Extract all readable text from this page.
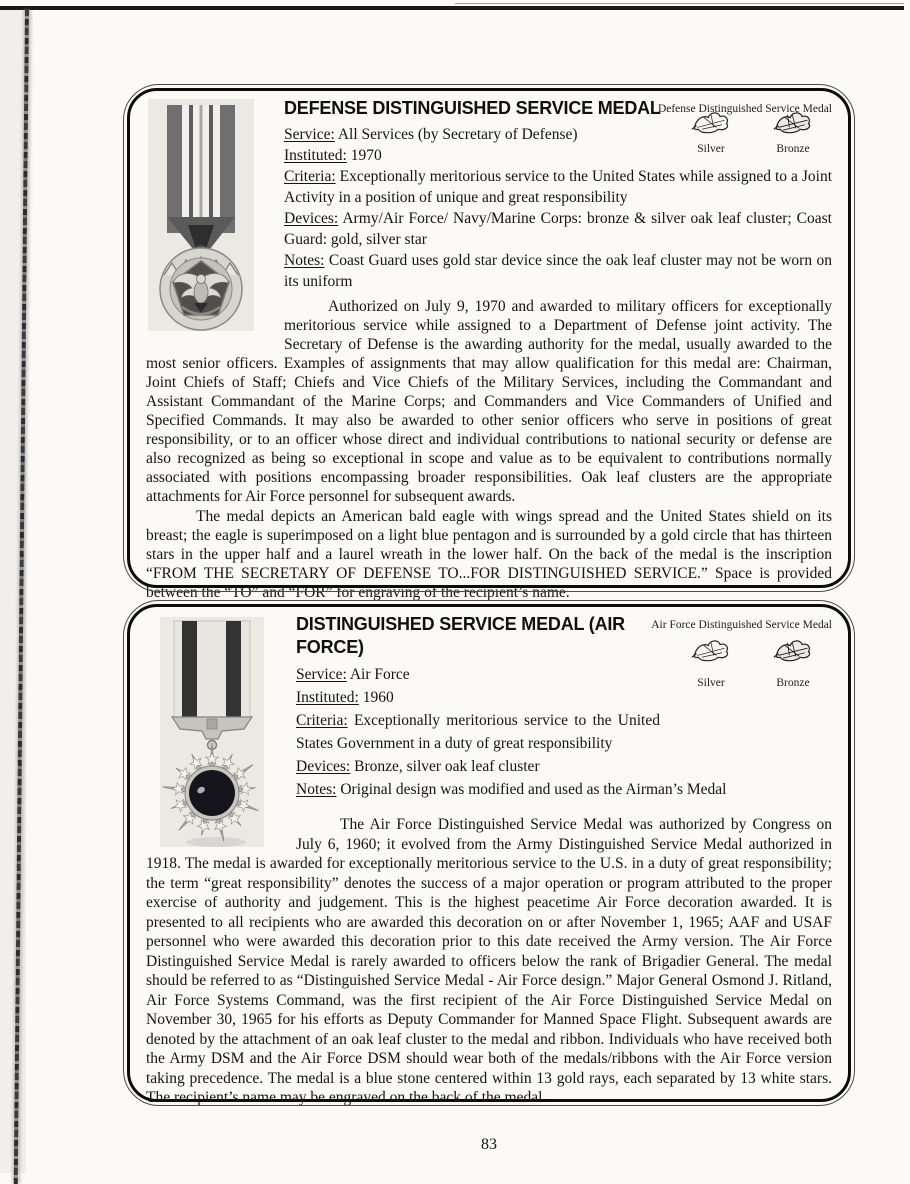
Defense Distinguished Service Medal
Silver	Bronze
DEFENSE DISTINGUISHED SERVICE MEDAL

Service: All Services (by Secretary of Defense)

Instituted: 1970

Criteria: Exceptionally meritorious service to the United States while assigned to a Joint Activity in a position of unique and great responsibility

Devices: Army/Air Force/ Navy/Marine Corps: bronze & silver oak leaf cluster; Coast Guard: gold, silver star

Notes: Coast Guard uses gold star device since the oak leaf cluster may not be worn on its uniform

Authorized on July 9, 1970 and awarded to military officers for exceptionally meritorious service while assigned to a Department of Defense joint activity. The Secretary of Defense is the awarding authority for the medal, usually awarded to the most senior officers. Examples of assignments that may allow qualification for this medal are: Chairman, Joint Chiefs of Staff; Chiefs and Vice Chiefs of the Military Services, including the Commandant and Assistant Commandant of the Marine Corps; and Commanders and Vice Commanders of Unified and Specified Commands. It may also be awarded to other senior officers who serve in positions of great responsibility, or to an officer whose direct and individual contributions to national security or defense are also recognized as being so exceptional in scope and value as to be equivalent to contributions normally associated with positions encompassing broader responsibilities. Oak leaf clusters are the appropriate attachments for Air Force personnel for subsequent awards.

The medal depicts an American bald eagle with wings spread and the United States shield on its breast; the eagle is superimposed on a light blue pentagon and is surrounded by a gold circle that has thirteen stars in the upper half and a laurel wreath in the lower half. On the back of the medal is the inscription “FROM THE SECRETARY OF DEFENSE TO...FOR DISTINGUISHED SERVICE.” Space is provided between the “TO” and “FOR” for engraving of the recipient’s name.

Air Force Distinguished Service Medal
Silver	Bronze
DISTINGUISHED SERVICE MEDAL (AIR FORCE)

Service: Air Force

Instituted: 1960

Criteria: Exceptionally meritorious service to the United States Government in a duty of great responsibility

Devices: Bronze, silver oak leaf cluster

Notes: Original design was modified and used as the Airman’s Medal

The Air Force Distinguished Service Medal was authorized by Congress on July 6, 1960; it evolved from the Army Distinguished Service Medal authorized in 1918. The medal is awarded for exceptionally meritorious service to the U.S. in a duty of great responsibility; the term “great responsibility” denotes the success of a major operation or program attributed to the proper exercise of authority and judgement. This is the highest peacetime Air Force decoration awarded. It is presented to all recipients who are awarded this decoration on or after November 1, 1965; AAF and USAF personnel who were awarded this decoration prior to this date received the Army version. The Air Force Distinguished Service Medal is rarely awarded to officers below the rank of Brigadier General. The medal should be referred to as “Distinguished Service Medal - Air Force design.” Major General Osmond J. Ritland, Air Force Systems Command, was the first recipient of the Air Force Distinguished Service Medal on November 30, 1965 for his efforts as Deputy Commander for Manned Space Flight. Subsequent awards are denoted by the attachment of an oak leaf cluster to the medal and ribbon. Individuals who have received both the Army DSM and the Air Force DSM should wear both of the medals/ribbons with the Air Force version taking precedence. The medal is a blue stone centered within 13 gold rays, each separated by 13 white stars. The recipient’s name may be engraved on the back of the medal.

83
